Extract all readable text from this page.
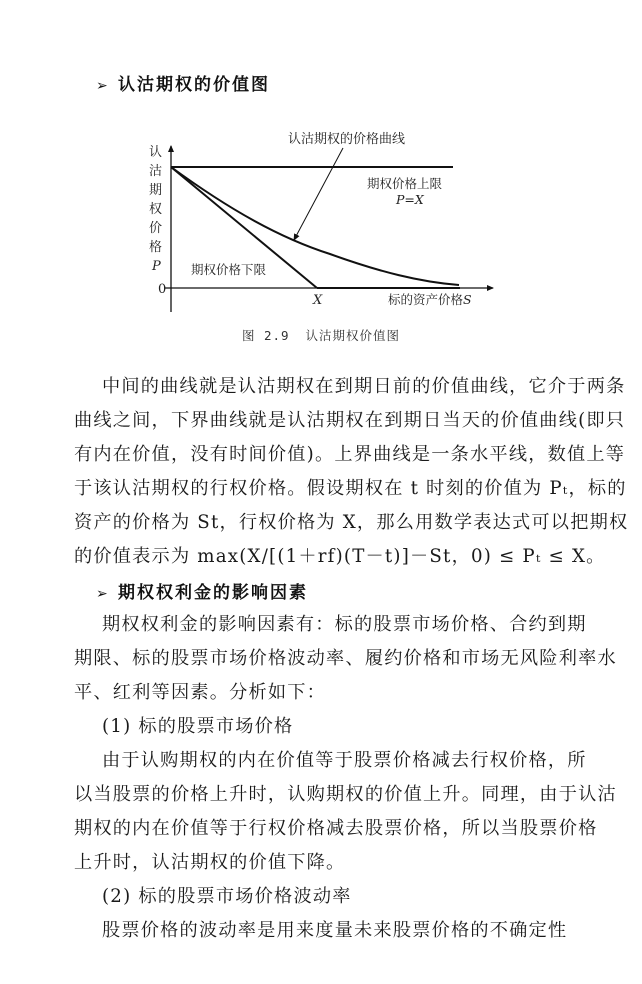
➢ 认沽期权的价值图
认沽期权的价格曲线
认
沽
期
权
价
格
P
0
X	标的资产价格S
期权价格上限
P=X
期权价格下限
图 2.9 认沽期权价值图
中间的曲线就是认沽期权在到期日前的价值曲线，它介于两条
曲线之间，下界曲线就是认沽期权在到期日当天的价值曲线(即只
有内在价值，没有时间价值)。上界曲线是一条水平线，数值上等
于该认沽期权的行权价格。假设期权在 t 时刻的价值为 Pₜ，标的
资产的价格为 St，行权价格为 X，那么用数学表达式可以把期权
的价值表示为 max(X/[(1＋rf)(T－t)]－St，0) ≤ Pₜ ≤ X。
➢ 期权权利金的影响因素
期权权利金的影响因素有：标的股票市场价格、合约到期
期限、标的股票市场价格波动率、履约价格和市场无风险利率水
平、红利等因素。分析如下：
(1) 标的股票市场价格
由于认购期权的内在价值等于股票价格减去行权价格，所
以当股票的价格上升时，认购期权的价值上升。同理，由于认沽
期权的内在价值等于行权价格减去股票价格，所以当股票价格
上升时，认沽期权的价值下降。
(2) 标的股票市场价格波动率
股票价格的波动率是用来度量未来股票价格的不确定性
